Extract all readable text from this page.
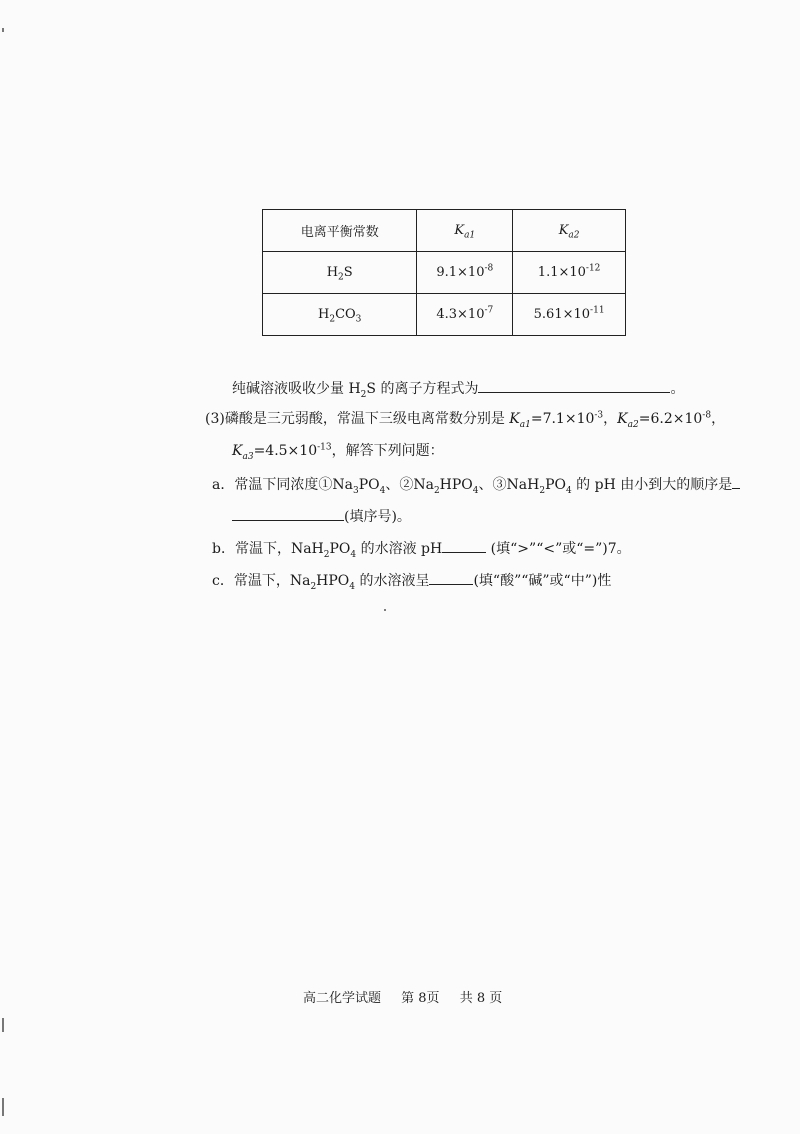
电离平衡常数	$K_{a1}$	$K_{a2}$
$H_2S$	$9.1\times 10^{-8}$	$1.1\times 10^{-12}$
$H_2CO_3$	$4.3\times 10^{-7}$	$5.61\times 10^{-11}$
纯碱溶液吸收少量 $H_2S$ 的离子方程式为	。
(3)磷酸是三元弱酸，常温下三级电离常数分别是 $K_{a1}=7.1\times 10^{-3}$，$K_{a2}=6.2\times 10^{-8}$，
$K_{a3}=4.5\times 10^{-13}$，解答下列问题：
a．常温下同浓度$①Na_3PO_4$、$②Na_2HPO_4$、$③NaH_2PO_4$ 的 pH 由小到大的顺序是
(填序号)。
b．常温下，$NaH_2PO_4$ 的水溶液 pH	(填“>”“<”或“=”)7。
c．常温下，$Na_2HPO_4$ 的水溶液呈	(填“酸”“碱”或“中”)性
高二化学试题 第 8页 共 8 页
